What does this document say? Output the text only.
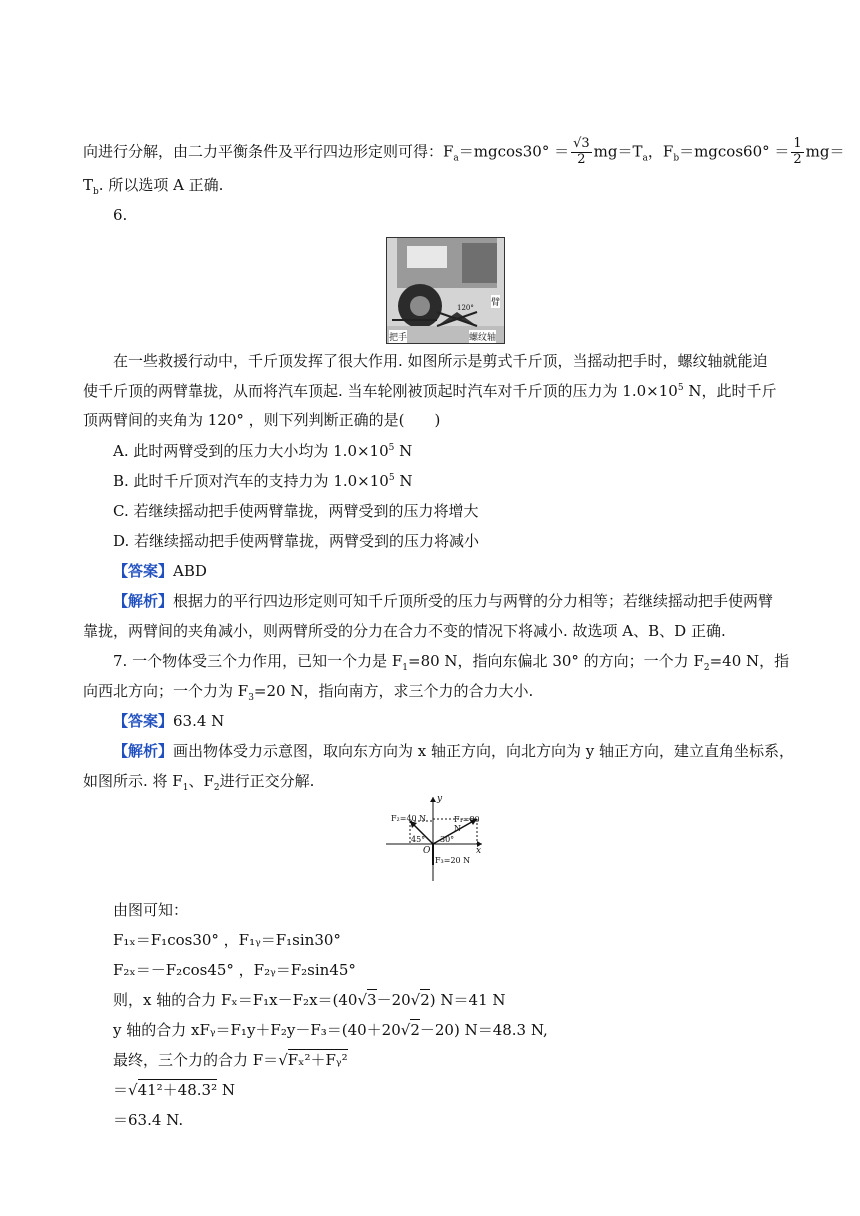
向进行分解，由二力平衡条件及平行四边形定则可得：$F_a=mgcos30^\circ = \frac{√3}{2} mg=T_a$，$F_b=mgcos60^\circ = \frac{1}{2} mg=$
$T_b$. 所以选项 A 正确.
6.
臂
120°
把手	螺纹轴
在一些救援行动中，千斤顶发挥了很大作用. 如图所示是剪式千斤顶，当摇动把手时，螺纹轴就能迫
使千斤顶的两臂靠拢，从而将汽车顶起. 当车轮刚被顶起时汽车对千斤顶的压力为 $1.0\times 10^5$ N，此时千斤
顶两臂间的夹角为 120° ，则下列判断正确的是(　　)
A. 此时两臂受到的压力大小均为 $1.0\times 10^5$ N
B. 此时千斤顶对汽车的支持力为 $1.0\times 10^5$ N
C. 若继续摇动把手使两臂靠拢，两臂受到的压力将增大
D. 若继续摇动把手使两臂靠拢，两臂受到的压力将减小
【答案】ABD
【解析】根据力的平行四边形定则可知千斤顶所受的压力与两臂的分力相等；若继续摇动把手使两臂
靠拢，两臂间的夹角减小，则两臂所受的分力在合力不变的情况下将减小. 故选项 A、B、D 正确.
7. 一个物体受三个力作用，已知一个力是 $F_1=80$ N，指向东偏北 30° 的方向；一个力 $F_2=40$ N，指
向西北方向；一个力为 $F_3=20$ N，指向南方，求三个力的合力大小.
【答案】63.4 N
【解析】画出物体受力示意图，取向东方向为 x 轴正方向，向北方向为 y 轴正方向，建立直角坐标系，
如图所示. 将 $F_1$、$F_2$进行正交分解.
y
x
O
F₂=40 N	F₁=80 N
F₃=20 N
45° 30°
由图可知：
F₁ₓ＝F₁cos30° ，F₁ᵧ＝F₁sin30°
F₂ₓ＝－F₂cos45° ，F₂ᵧ＝F₂sin45°
则，x 轴的合力 Fₓ＝F₁x－F₂x＝(40√3－20√2) N＝41 N
y 轴的合力 xFᵧ＝F₁y＋F₂y－F₃＝(40＋20√2－20) N＝48.3 N,
最终，三个力的合力 F＝√Fₓ²＋Fᵧ²
＝√41²＋48.3² N
＝63.4 N.
